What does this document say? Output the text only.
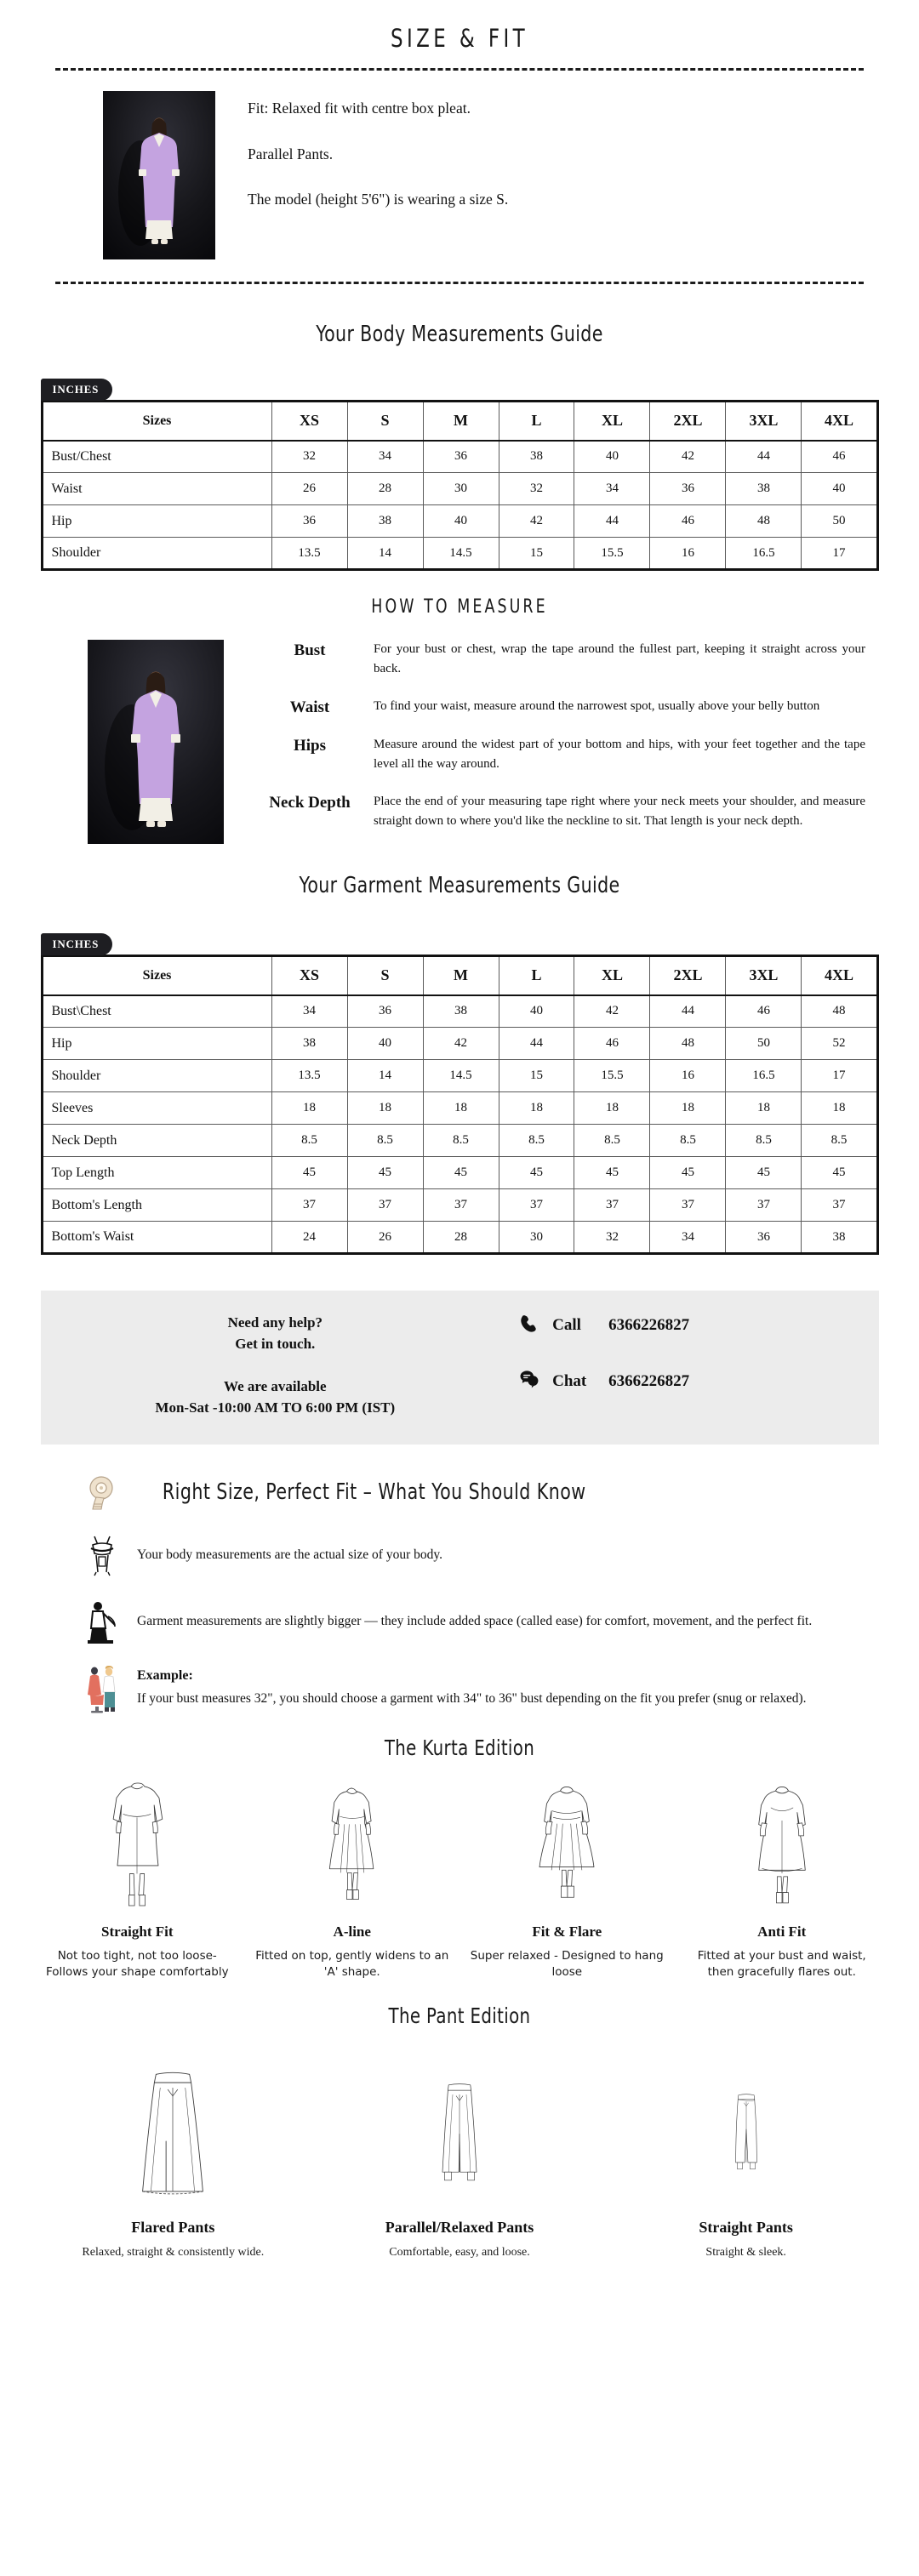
SIZE & FIT

Fit: Relaxed fit with centre box pleat.

Parallel Pants.

The model (height 5'6") is wearing a size S.

Your Body Measurements Guide
INCHES
Sizes	XS	S	M	L	XL	2XL	3XL	4XL
Bust/Chest	32	34	36	38	40	42	44	46
Waist	26	28	30	32	34	36	38	40
Hip	36	38	40	42	44	46	48	50
Shoulder	13.5	14	14.5	15	15.5	16	16.5	17
HOW TO MEASURE
Bust	For your bust or chest, wrap the tape around the fullest part, keeping it straight across your back.
Waist	To find your waist, measure around the narrowest spot, usually above your belly button
Hips	Measure around the widest part of your bottom and hips, with your feet together and the tape level all the way around.
Neck Depth	Place the end of your measuring tape right where your neck meets your shoulder, and measure straight down to where you'd like the neckline to sit. That length is your neck depth.
Your Garment Measurements Guide
INCHES
Sizes	XS	S	M	L	XL	2XL	3XL	4XL
Bust\Chest	34	36	38	40	42	44	46	48
Hip	38	40	42	44	46	48	50	52
Shoulder	13.5	14	14.5	15	15.5	16	16.5	17
Sleeves	18	18	18	18	18	18	18	18
Neck Depth	8.5	8.5	8.5	8.5	8.5	8.5	8.5	8.5
Top Length	45	45	45	45	45	45	45	45
Bottom's Length	37	37	37	37	37	37	37	37
Bottom's Waist	24	26	28	30	32	34	36	38
Need any help?
Get in touch.
We are available
Mon-Sat -10:00 AM TO 6:00 PM (IST)
Call	6366226827
Chat	6366226827
Right Size, Perfect Fit – What You Should Know
Your body measurements are the actual size of your body.
Garment measurements are slightly bigger — they include added space (called ease) for comfort, movement, and the perfect fit.
Example:
If your bust measures 32", you should choose a garment with 34" to 36" bust depending on the fit you prefer (snug or relaxed).
The Kurta Edition
Straight Fit
Not too tight, not too loose-Follows your shape comfortably
A-line
Fitted on top, gently widens to an 'A' shape.
Fit & Flare
Super relaxed - Designed to hang loose
Anti Fit
Fitted at your bust and waist, then gracefully flares out.
The Pant Edition
Flared Pants
Relaxed, straight & consistently wide.
Parallel/Relaxed Pants
Comfortable, easy, and loose.
Straight Pants
Straight & sleek.
